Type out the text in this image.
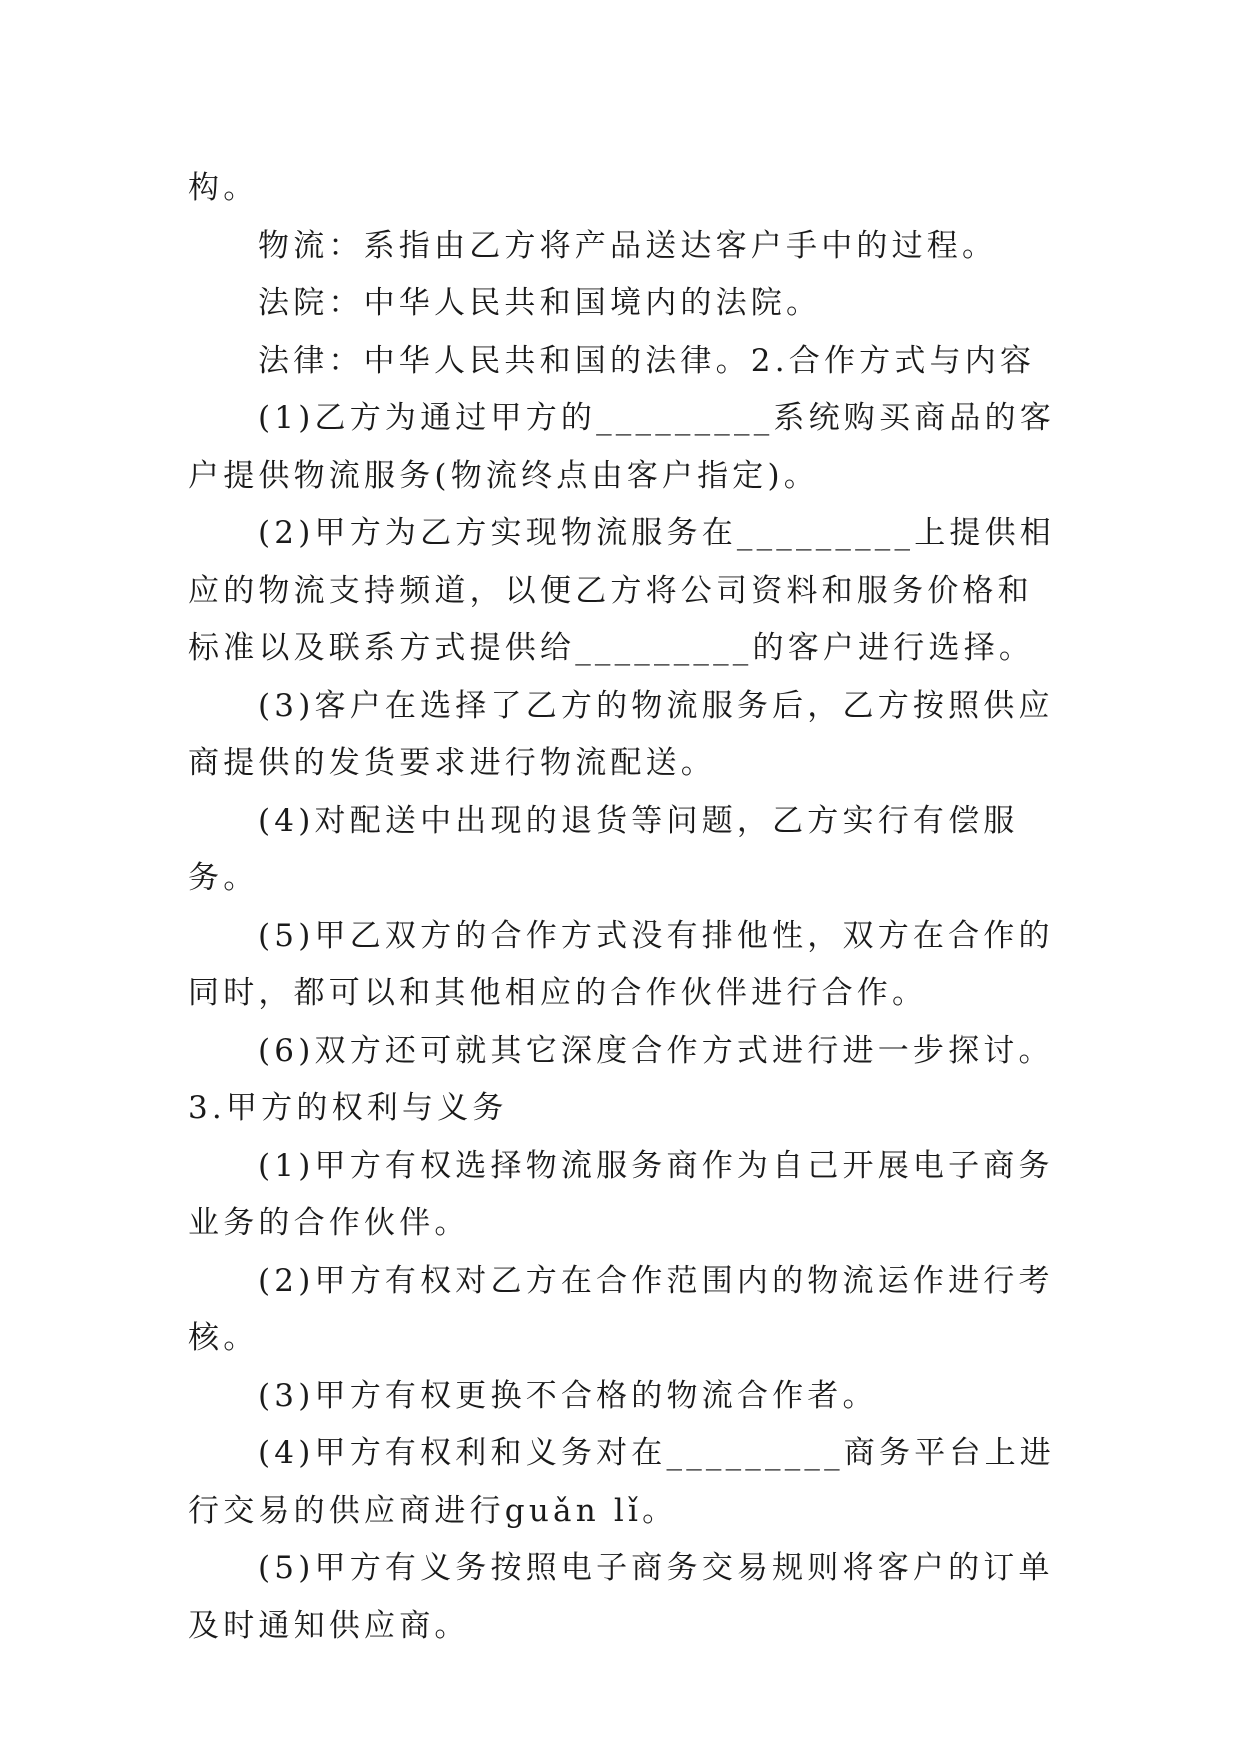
构。

物流：系指由乙方将产品送达客户手中的过程。

法院：中华人民共和国境内的法院。

法律：中华人民共和国的法律。2.合作方式与内容

(1)乙方为通过甲方的_________系统购买商品的客户提供物流服务(物流终点由客户指定)。

(2)甲方为乙方实现物流服务在_________上提供相应的物流支持频道，以便乙方将公司资料和服务价格和标准以及联系方式提供给_________的客户进行选择。

(3)客户在选择了乙方的物流服务后，乙方按照供应商提供的发货要求进行物流配送。

(4)对配送中出现的退货等问题，乙方实行有偿服务。

(5)甲乙双方的合作方式没有排他性，双方在合作的同时，都可以和其他相应的合作伙伴进行合作。

(6)双方还可就其它深度合作方式进行进一步探讨。3.甲方的权利与义务

(1)甲方有权选择物流服务商作为自己开展电子商务业务的合作伙伴。

(2)甲方有权对乙方在合作范围内的物流运作进行考核。

(3)甲方有权更换不合格的物流合作者。

(4)甲方有权利和义务对在_________商务平台上进行交易的供应商进行guǎn lǐ。

(5)甲方有义务按照电子商务交易规则将客户的订单及时通知供应商。
